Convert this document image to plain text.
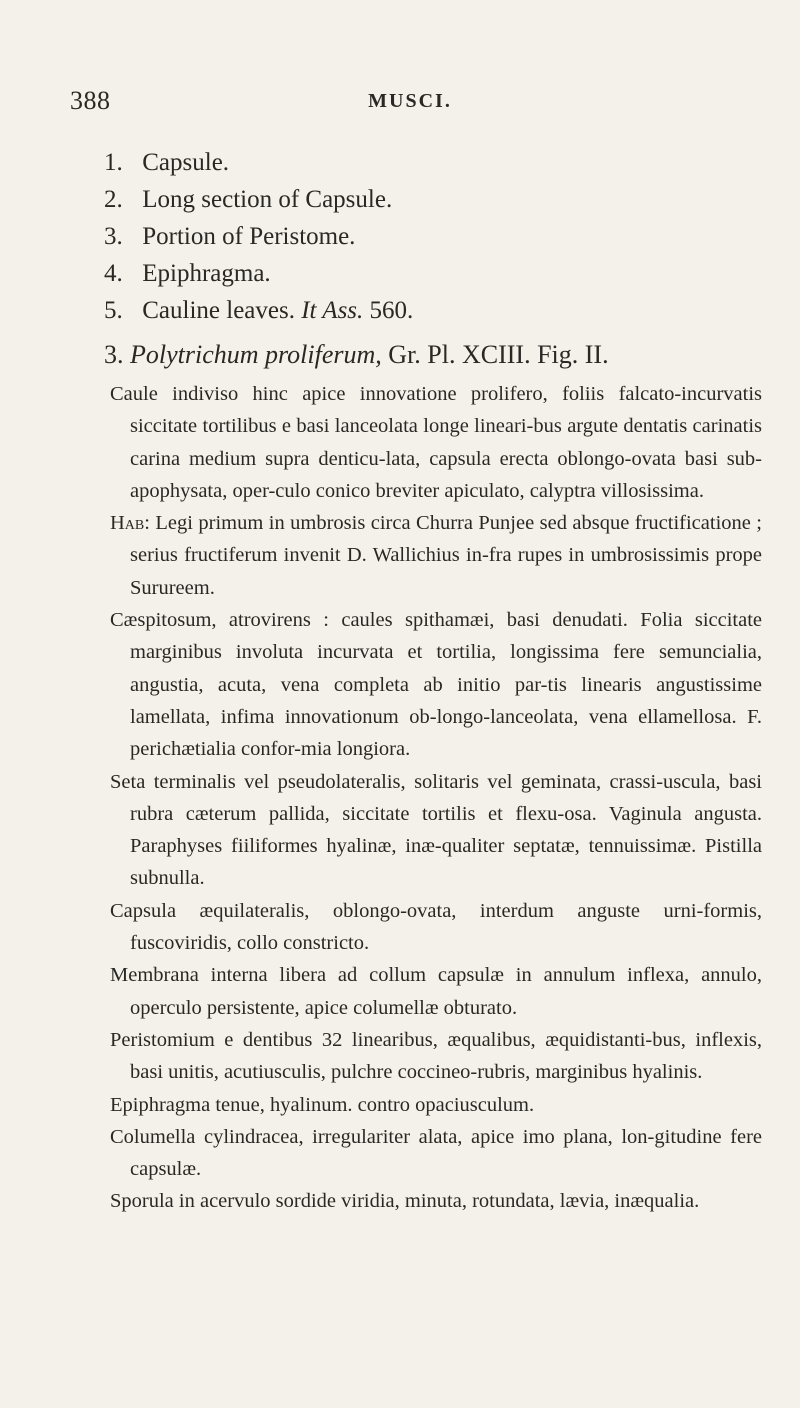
388	MUSCI.
1. Capsule.
2. Long section of Capsule.
3. Portion of Peristome.
4. Epiphragma.
5. Cauline leaves. It Ass. 560.
3. Polytrichum proliferum, Gr. Pl. XCIII. Fig. II.

Caule indiviso hinc apice innovatione prolifero, foliis falcato-incurvatis siccitate tortilibus e basi lanceolata longe lineari-bus argute dentatis carinatis carina medium supra denticu-lata, capsula erecta oblongo-ovata basi sub-apophysata, oper-culo conico breviter apiculato, calyptra villosissima.

Hab: Legi primum in umbrosis circa Churra Punjee sed absque fructificatione ; serius fructiferum invenit D. Wallichius in-fra rupes in umbrosissimis prope Surureem.

Cæspitosum, atrovirens : caules spithamæi, basi denudati. Folia siccitate marginibus involuta incurvata et tortilia, longissima fere semuncialia, angustia, acuta, vena completa ab initio par-tis linearis angustissime lamellata, infima innovationum ob-longo-lanceolata, vena ellamellosa. F. perichætialia confor-mia longiora.

Seta terminalis vel pseudolateralis, solitaris vel geminata, crassi-uscula, basi rubra cæterum pallida, siccitate tortilis et flexu-osa. Vaginula angusta. Paraphyses fiiliformes hyalinæ, inæ-qualiter septatæ, tennuissimæ. Pistilla subnulla.

Capsula æquilateralis, oblongo-ovata, interdum anguste urni-formis, fuscoviridis, collo constricto.

Membrana interna libera ad collum capsulæ in annulum inflexa, annulo, operculo persistente, apice columellæ obturato.

Peristomium e dentibus 32 linearibus, æqualibus, æquidistanti-bus, inflexis, basi unitis, acutiusculis, pulchre coccineo-rubris, marginibus hyalinis.

Epiphragma tenue, hyalinum. contro opaciusculum.

Columella cylindracea, irregulariter alata, apice imo plana, lon-gitudine fere capsulæ.

Sporula in acervulo sordide viridia, minuta, rotundata, lævia, inæqualia.
